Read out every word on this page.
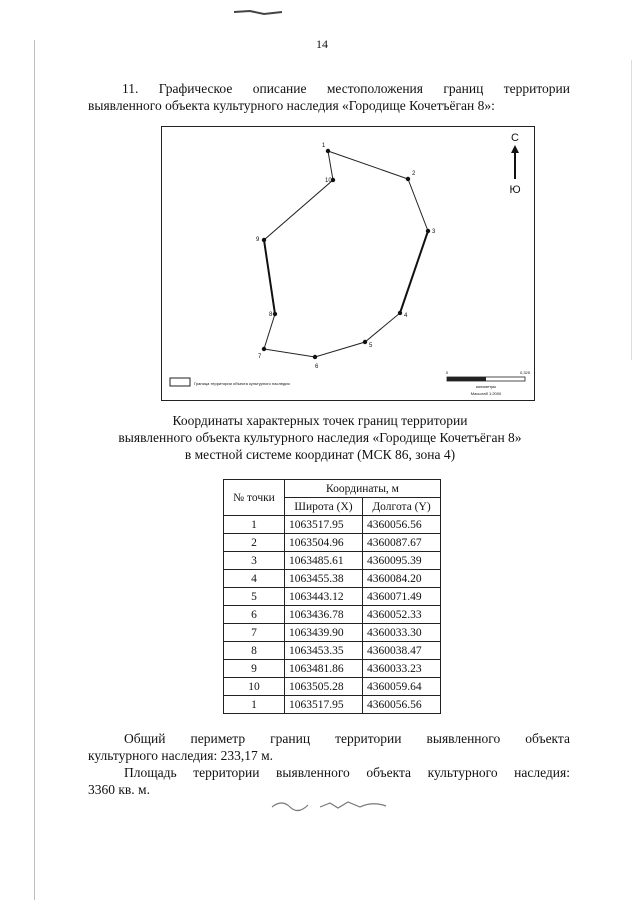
14
11. Графическое описание местоположения границ территории
выявленного объекта культурного наследия «Городище Кочетъёган 8»:
1
2
3
4
5
6
7
8
9
10
С
Ю
Граница территории объекта культурного наследия
0	0,325
километры
Масштаб 1:2000
Координаты характерных точек границ территории
выявленного объекта культурного наследия «Городище Кочетъёган 8»
в местной системе координат (МСК 86, зона 4)
№ точки	Координаты, м	
	Широта (X)	Долгота (Y)
1	1063517.95	4360056.56
2	1063504.96	4360087.67
3	1063485.61	4360095.39
4	1063455.38	4360084.20
5	1063443.12	4360071.49
6	1063436.78	4360052.33
7	1063439.90	4360033.30
8	1063453.35	4360038.47
9	1063481.86	4360033.23
10	1063505.28	4360059.64
1	1063517.95	4360056.56

Общий периметр границ территории выявленного объекта

культурного наследия: 233,17 м.

Площадь территории выявленного объекта культурного наследия:

3360 кв. м.
